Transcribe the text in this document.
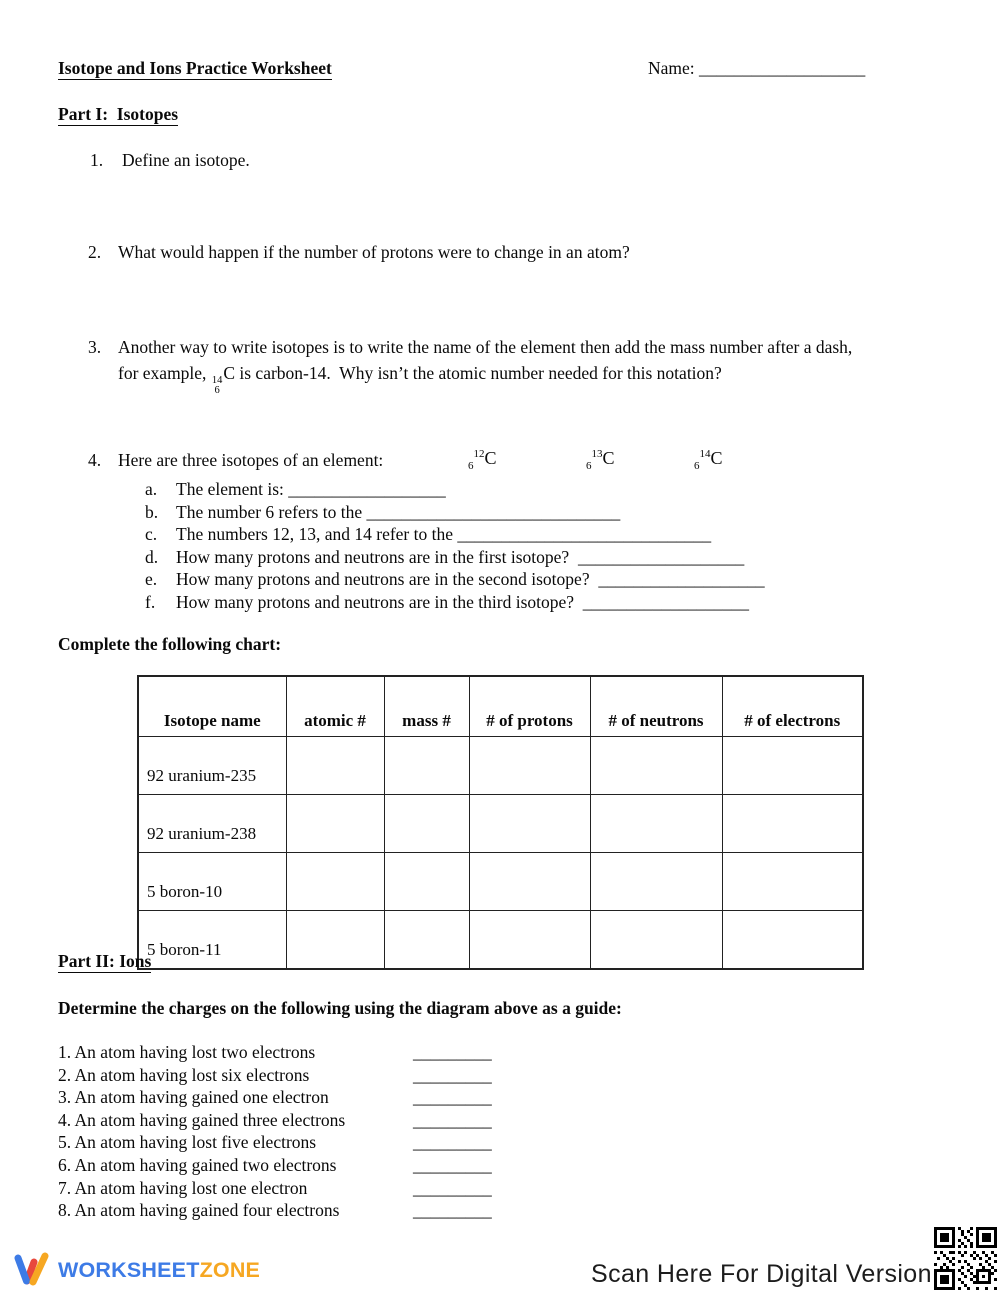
Isotope and Ions Practice Worksheet	Name: ___________________
Part I:  Isotopes
1. Define an isotope.
2. What would happen if the number of protons were to change in an atom?
3. Another way to write isotopes is to write the name of the element then add the mass number after a dash,
for example, 14
6
C is carbon-14.  Why isn’t the atomic number needed for this notation?
4. Here are three isotopes of an element:	$_6^{12}$C	$_6^{13}$C	$_6^{14}$C
a. The element is: __________________
b. The number 6 refers to the _____________________________
c. The numbers 12, 13, and 14 refer to the _____________________________
d. How many protons and neutrons are in the first isotope?  ___________________
e. How many protons and neutrons are in the second isotope?  ___________________
f. How many protons and neutrons are in the third isotope?  ___________________
Complete the following chart:
Isotope name	atomic #	mass #	# of protons	# of neutrons	# of electrons
92 uranium-235					
92 uranium-238					
5 boron-10					
5 boron-11					
Part II: Ions
Determine the charges on the following using the diagram above as a guide:
1. An atom having lost two electrons	_________
2. An atom having lost six electrons	_________
3. An atom having gained one electron	_________
4. An atom having gained three electrons	_________
5. An atom having lost five electrons	_________
6. An atom having gained two electrons	_________
7. An atom having lost one electron	_________
8. An atom having gained four electrons	_________
WORKSHEETZONE	Scan Here For Digital Version
